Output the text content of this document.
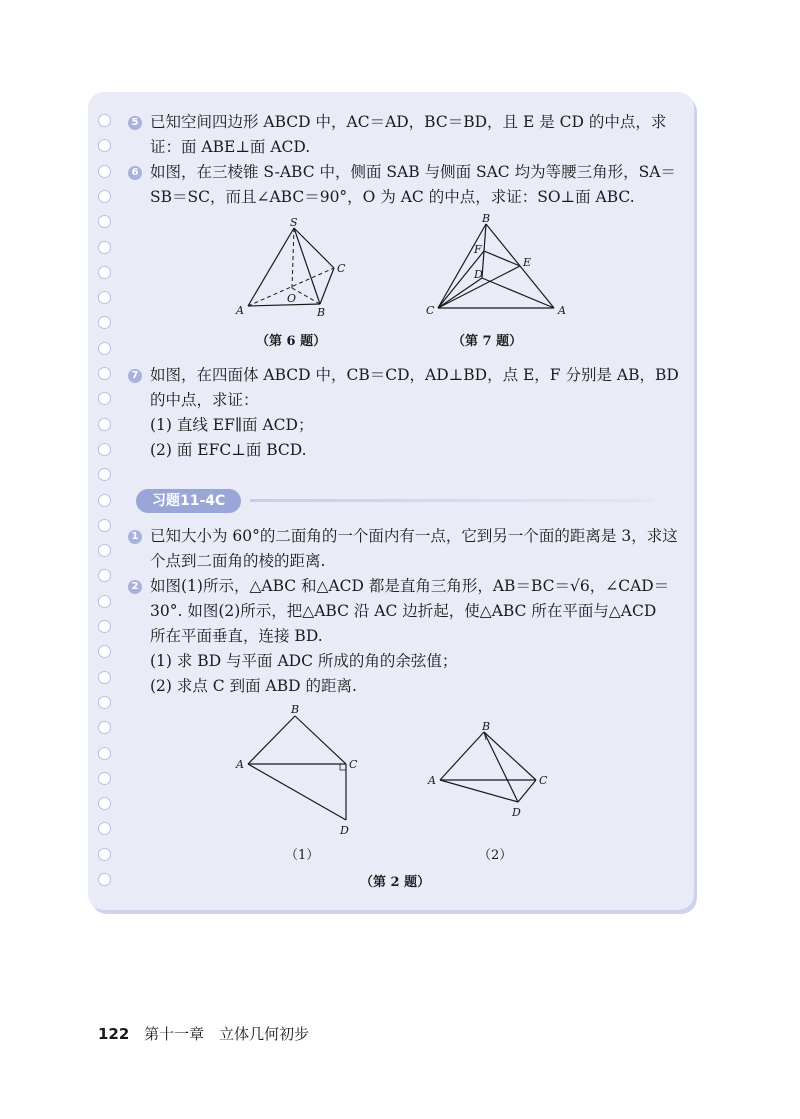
5 已知空间四边形 ABCD 中，AC＝AD，BC＝BD，且 E 是 CD 的中点，求
证：面 ABE⊥面 ACD.
6 如图，在三棱锥 S-ABC 中，侧面 SAB 与侧面 SAC 均为等腰三角形，SA＝
SB＝SC，而且∠ABC＝90°，O 为 AC 的中点，求证：SO⊥面 ABC.
S
A	B
C
O
（第 6 题）
B
F
D
E
C	A
（第 7 题）
7 如图，在四面体 ABCD 中，CB＝CD，AD⊥BD，点 E，F 分别是 AB，BD
的中点，求证：
(1) 直线 EF∥面 ACD；
(2) 面 EFC⊥面 BCD.
习题11-4C
1 已知大小为 60°的二面角的一个面内有一点，它到另一个面的距离是 3，求这
个点到二面角的棱的距离.
2 如图(1)所示，△ABC 和△ACD 都是直角三角形，AB＝BC＝√6，∠CAD＝
30°. 如图(2)所示，把△ABC 沿 AC 边折起，使△ABC 所在平面与△ACD
所在平面垂直，连接 BD.
(1) 求 BD 与平面 ADC 所成的角的余弦值；
(2) 求点 C 到面 ABD 的距离.
B
A	C
D
（1）
B
A	C
D
（2）
（第 2 题）
122 第十一章　立体几何初步
